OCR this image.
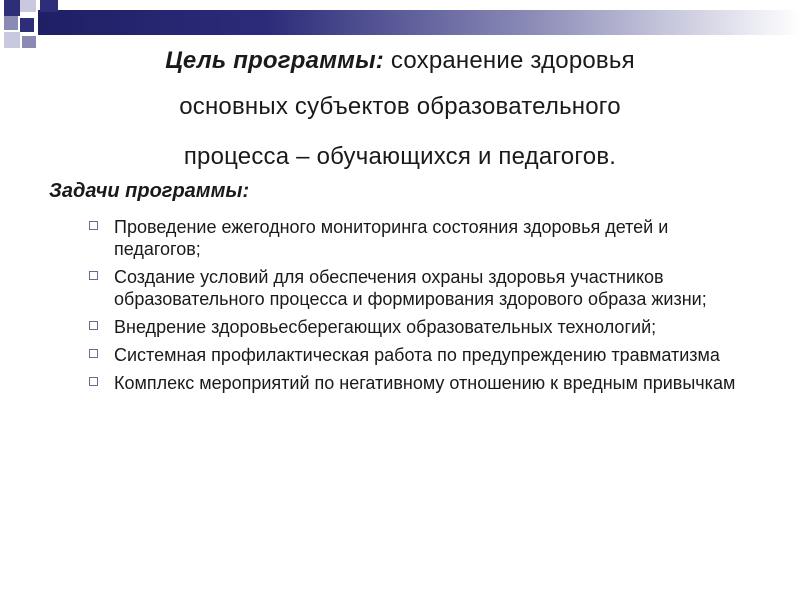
Цель программы: сохранение здоровья
основных субъектов образовательного

процесса – обучающихся и педагогов.
Задачи программы:
Проведение ежегодного мониторинга состояния здоровья детей и педагогов;
Создание условий для обеспечения охраны здоровья участников образовательного процесса и формирования здорового образа жизни;
Внедрение здоровьесберегающих образовательных технологий;
Системная профилактическая работа по предупреждению травматизма
Комплекс мероприятий по негативному отношению к вредным привычкам
